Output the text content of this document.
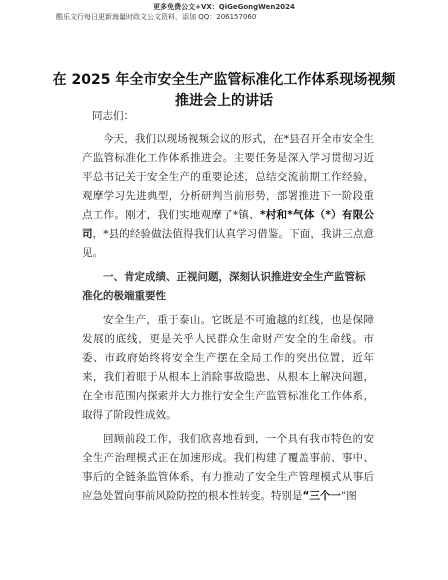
更多免费公文+VX：QiGeGongWen2024
酷乐文行每日更新海量时政文公文资料，添加 QQ：206157060
在 2025 年全市安全生产监管标准化工作体系现场视频推进会上的讲话

同志们：

今天，我们以现场视频会议的形式，在*县召开全市安全生产监管标准化工作体系推进会。主要任务是深入学习贯彻习近平总书记关于安全生产的重要论述，总结交流前期工作经验，观摩学习先进典型，分析研判当前形势，部署推进下一阶段重点工作。刚才，我们实地观摩了*镇、*村和*气体（*）有限公司，*县的经验做法值得我们认真学习借鉴。下面，我讲三点意见。

一、肯定成绩、正视问题，深刻认识推进安全生产监管标准化的极端重要性

安全生产，重于泰山。它既是不可逾越的红线，也是保障发展的底线，更是关乎人民群众生命财产安全的生命线。市委、市政府始终将安全生产摆在全局工作的突出位置，近年来，我们着眼于从根本上消除事故隐患、从根本上解决问题，在全市范围内探索并大力推行安全生产监管标准化工作体系，取得了阶段性成效。

回顾前段工作，我们欣喜地看到，一个具有我市特色的安全生产治理模式正在加速形成。我们构建了覆盖事前、事中、事后的全链条监管体系，有力推动了安全生产管理模式从事后应急处置向事前风险防控的根本性转变。特别是“三个一”图
